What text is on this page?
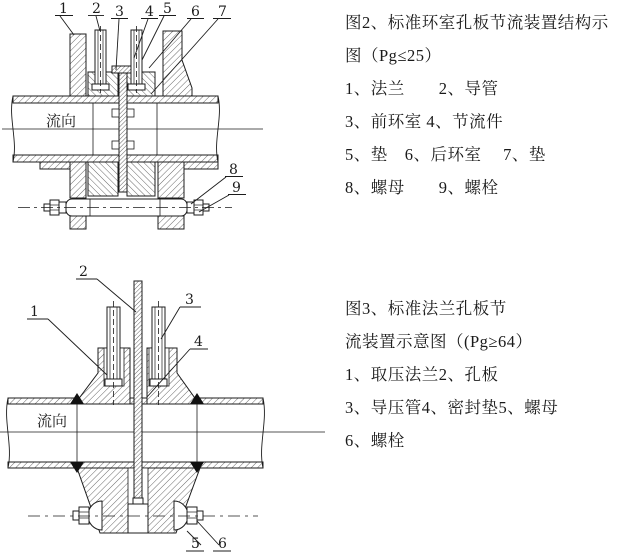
流向
1 2 3 4 5 6 7
8
9
流向
2
1
3
4
5 6
图2、标准环室孔板节流装置结构示
图（Pg≤25）
1、法兰　　2、导管
3、前环室 4、节流件
5、垫　6、后环室　 7、垫
8、螺母　　9、螺栓
图3、标准法兰孔板节
流装置示意图（(Pg≥64）
1、取压法兰2、孔板
3、导压管4、密封垫5、螺母
6、螺栓
